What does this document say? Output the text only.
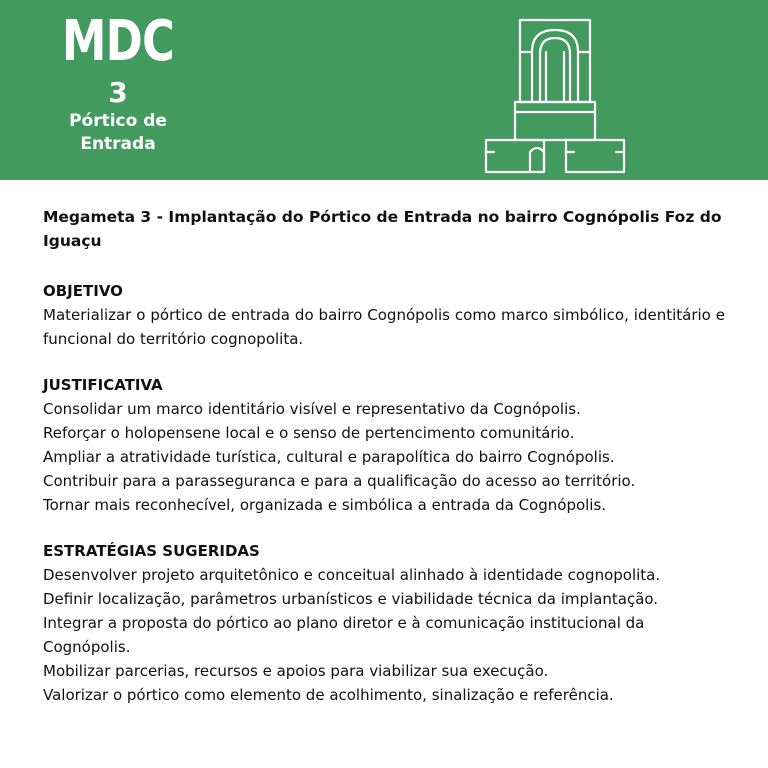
MDC
3
Pórtico de
Entrada

Megameta 3 - Implantação do Pórtico de Entrada no bairro Cognópolis Foz do Iguaçu

OBJETIVO

Materializar o pórtico de entrada do bairro Cognópolis como marco simbólico, identitário e funcional do território cognopolita.

JUSTIFICATIVA

Consolidar um marco identitário visível e representativo da Cognópolis.

Reforçar o holopensene local e o senso de pertencimento comunitário.

Ampliar a atratividade turística, cultural e parapolítica do bairro Cognópolis.

Contribuir para a parasseguranca e para a qualificação do acesso ao território.

Tornar mais reconhecível, organizada e simbólica a entrada da Cognópolis.

ESTRATÉGIAS SUGERIDAS

Desenvolver projeto arquitetônico e conceitual alinhado à identidade cognopolita.

Definir localização, parâmetros urbanísticos e viabilidade técnica da implantação.

Integrar a proposta do pórtico ao plano diretor e à comunicação institucional da Cognópolis.

Mobilizar parcerias, recursos e apoios para viabilizar sua execução.

Valorizar o pórtico como elemento de acolhimento, sinalização e referência.
